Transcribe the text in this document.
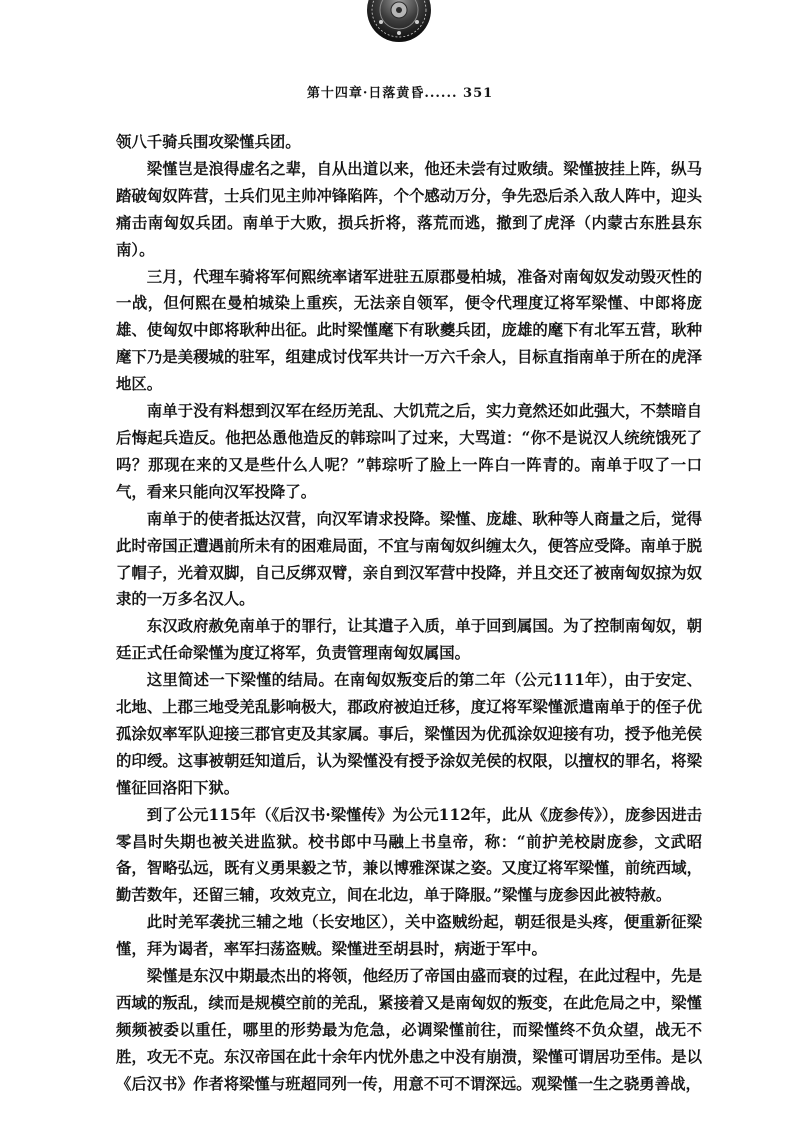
第十四章·日落黄昏...... 351

领八千骑兵围攻梁慬兵团。

梁慬岂是浪得虚名之辈，自从出道以来，他还未尝有过败绩。梁慬披挂上阵，纵马踏破匈奴阵营，士兵们见主帅冲锋陷阵，个个感动万分，争先恐后杀入敌人阵中，迎头痛击南匈奴兵团。南单于大败，损兵折将，落荒而逃，撤到了虎泽（内蒙古东胜县东南）。

三月，代理车骑将军何熙统率诸军进驻五原郡曼柏城，准备对南匈奴发动毁灭性的一战，但何熙在曼柏城染上重疾，无法亲自领军，便令代理度辽将军梁慬、中郎将庞雄、使匈奴中郎将耿种出征。此时梁慬麾下有耿夔兵团，庞雄的麾下有北军五营，耿种麾下乃是美稷城的驻军，组建成讨伐军共计一万六千余人，目标直指南单于所在的虎泽地区。

南单于没有料想到汉军在经历羌乱、大饥荒之后，实力竟然还如此强大，不禁暗自后悔起兵造反。他把怂恿他造反的韩琮叫了过来，大骂道：“你不是说汉人统统饿死了吗？那现在来的又是些什么人呢？”韩琮听了脸上一阵白一阵青的。南单于叹了一口气，看来只能向汉军投降了。

南单于的使者抵达汉营，向汉军请求投降。梁慬、庞雄、耿种等人商量之后，觉得此时帝国正遭遇前所未有的困难局面，不宜与南匈奴纠缠太久，便答应受降。南单于脱了帽子，光着双脚，自己反绑双臂，亲自到汉军营中投降，并且交还了被南匈奴掠为奴隶的一万多名汉人。

东汉政府赦免南单于的罪行，让其遣子入质，单于回到属国。为了控制南匈奴，朝廷正式任命梁慬为度辽将军，负责管理南匈奴属国。

这里简述一下梁慬的结局。在南匈奴叛变后的第二年（公元111年），由于安定、北地、上郡三地受羌乱影响极大，郡政府被迫迁移，度辽将军梁慬派遣南单于的侄子优孤涂奴率军队迎接三郡官吏及其家属。事后，梁慬因为优孤涂奴迎接有功，授予他羌侯的印绶。这事被朝廷知道后，认为梁慬没有授予涂奴羌侯的权限，以擅权的罪名，将梁慬征回洛阳下狱。

到了公元115年（《后汉书·梁慬传》为公元112年，此从《庞参传》），庞参因进击零昌时失期也被关进监狱。校书郎中马融上书皇帝，称：“前护羌校尉庞参，文武昭备，智略弘远，既有义勇果毅之节，兼以博雅深谋之姿。又度辽将军梁慬，前统西域，勤苦数年，还留三辅，攻效克立，间在北边，单于降服。”梁慬与庞参因此被特赦。

此时羌军袭扰三辅之地（长安地区），关中盗贼纷起，朝廷很是头疼，便重新征梁慬，拜为谒者，率军扫荡盗贼。梁慬进至胡县时，病逝于军中。

梁慬是东汉中期最杰出的将领，他经历了帝国由盛而衰的过程，在此过程中，先是西域的叛乱，续而是规模空前的羌乱，紧接着又是南匈奴的叛变，在此危局之中，梁慬频频被委以重任，哪里的形势最为危急，必调梁慬前往，而梁慬终不负众望，战无不胜，攻无不克。东汉帝国在此十余年内忧外患之中没有崩溃，梁慬可谓居功至伟。是以《后汉书》作者将梁慬与班超同列一传，用意不可不谓深远。观梁慬一生之骁勇善战，
